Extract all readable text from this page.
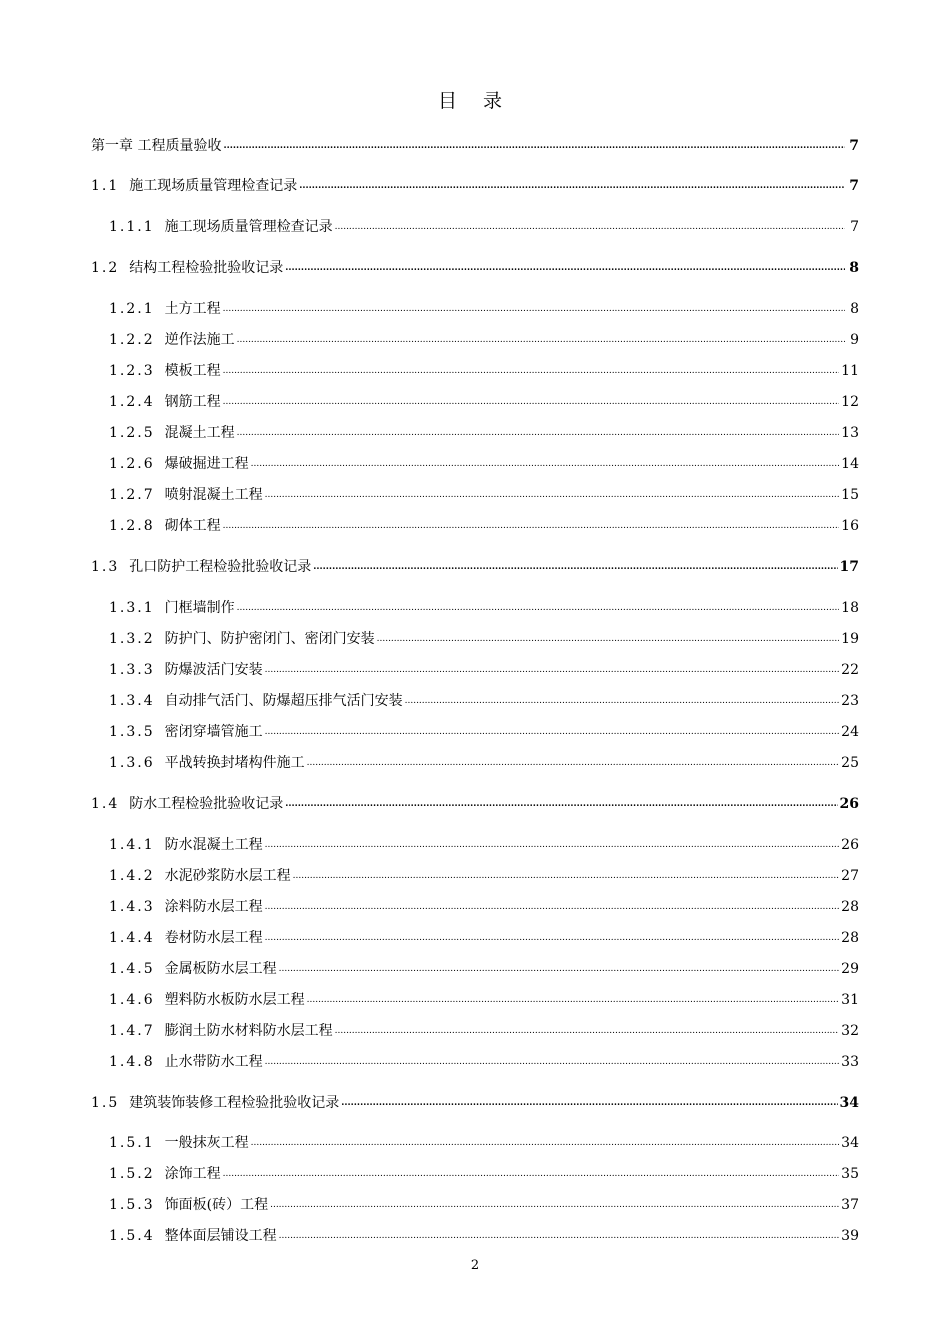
目 录
第一章 工程质量验收 .....	7
1.1 施工现场质量管理检查记录 .....	7
1.1.1 施工现场质量管理检查记录 .....	7
1.2 结构工程检验批验收记录 .....	8
1.2.1 土方工程 .....	8
1.2.2 逆作法施工 .....	9
1.2.3 模板工程 .....	11
1.2.4 钢筋工程 .....	12
1.2.5 混凝土工程 .....	13
1.2.6 爆破掘进工程 .....	14
1.2.7 喷射混凝土工程 .....	15
1.2.8 砌体工程 .....	16
1.3 孔口防护工程检验批验收记录 .....	17
1.3.1 门框墙制作 .....	18
1.3.2 防护门、防护密闭门、密闭门安装 .....	19
1.3.3 防爆波活门安装 .....	22
1.3.4 自动排气活门、防爆超压排气活门安装 .....	23
1.3.5 密闭穿墙管施工 .....	24
1.3.6 平战转换封堵构件施工 .....	25
1.4 防水工程检验批验收记录 .....	26
1.4.1 防水混凝土工程 .....	26
1.4.2 水泥砂浆防水层工程 .....	27
1.4.3 涂料防水层工程 .....	28
1.4.4 卷材防水层工程 .....	28
1.4.5 金属板防水层工程 .....	29
1.4.6 塑料防水板防水层工程 .....	31
1.4.7 膨润土防水材料防水层工程 .....	32
1.4.8 止水带防水工程 .....	33
1.5 建筑装饰装修工程检验批验收记录 .....	34
1.5.1 一般抹灰工程 .....	34
1.5.2 涂饰工程 .....	35
1.5.3 饰面板(砖）工程 .....	37
1.5.4 整体面层铺设工程 .....	39
2
